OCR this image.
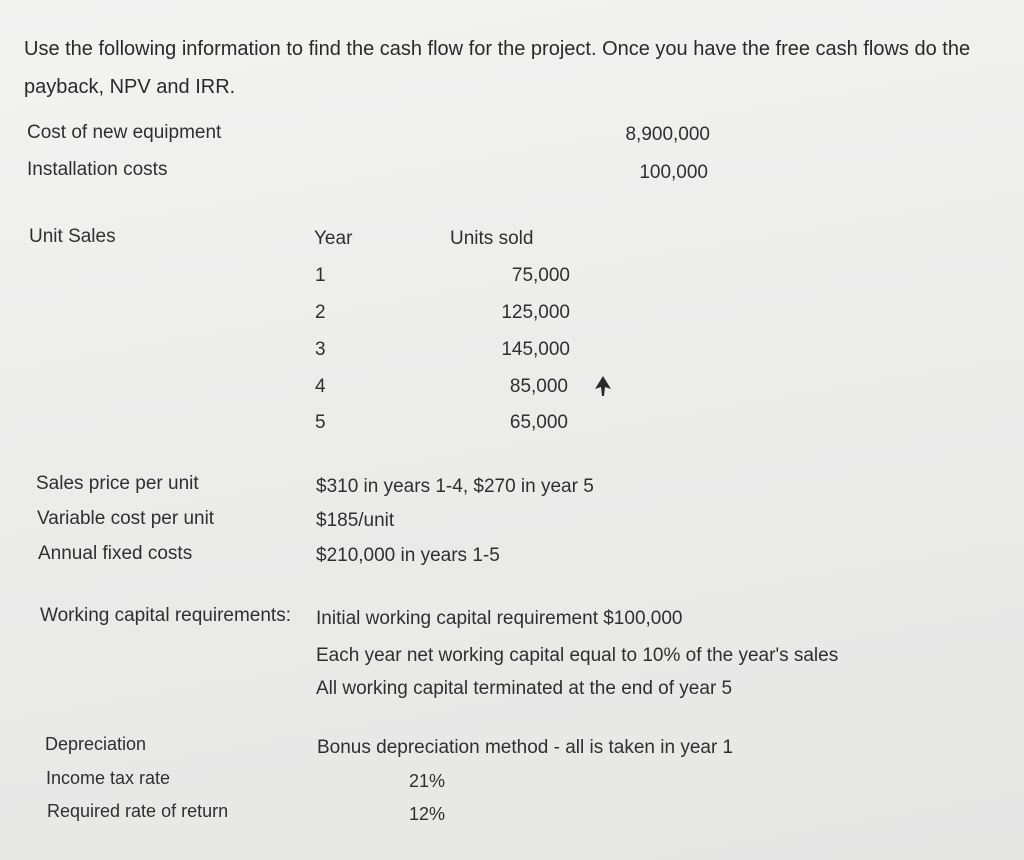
Use the following information to find the cash flow for the project. Once you have the free cash flows do the
payback, NPV and IRR.
Cost of new equipment	8,900,000
Installation costs	100,000
Unit Sales	Year	Units sold
1	75,000
2	125,000
3	145,000
4	85,000
5	65,000
Sales price per unit	$310 in years 1-4, $270 in year 5
Variable cost per unit	$185/unit
Annual fixed costs	$210,000 in years 1-5
Working capital requirements: Initial working capital requirement $100,000
Each year net working capital equal to 10% of the year's sales
All working capital terminated at the end of year 5
Depreciation	Bonus depreciation method - all is taken in year 1
Income tax rate	21%
Required rate of return	12%
